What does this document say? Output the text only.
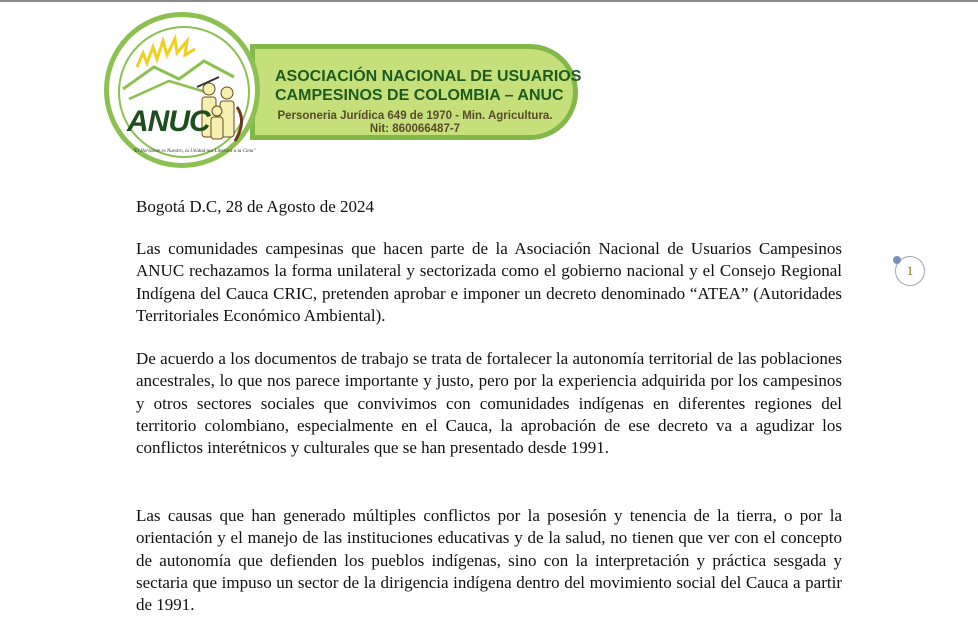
ASOCIACIÓN NACIONAL DE USUARIOS
CAMPESINOS DE COLOMBIA – ANUC
Personeria Jurídica 649 de 1970 - Min. Agricultura.
Nit: 860066487-7
ANUC
"El Horizonte es Nuestro, la Unidad nos Liberará a la Cima"
Bogotá D.C, 28 de Agosto de 2024
Las comunidades campesinas que hacen parte de la Asociación Nacional de Usuarios Campesinos ANUC rechazamos la forma unilateral y sectorizada como el gobierno nacional y el Consejo Regional Indígena del Cauca CRIC, pretenden aprobar e imponer un decreto denominado “ATEA” (Autoridades Territoriales Económico Ambiental).
De acuerdo a los documentos de trabajo se trata de fortalecer la autonomía territorial de las poblaciones ancestrales, lo que nos parece importante y justo, pero por la experiencia adquirida por los campesinos y otros sectores sociales que convivimos con comunidades indígenas en diferentes regiones del territorio colombiano, especialmente en el Cauca, la aprobación de ese decreto va a agudizar los conflictos interétnicos y culturales que se han presentado desde 1991.
Las causas que han generado múltiples conflictos por la posesión y tenencia de la tierra, o por la orientación y el manejo de las instituciones educativas y de la salud, no tienen que ver con el concepto de autonomía que defienden los pueblos indígenas, sino con la interpretación y práctica sesgada y sectaria que impuso un sector de la dirigencia indígena dentro del movimiento social del Cauca a partir de 1991.
1
